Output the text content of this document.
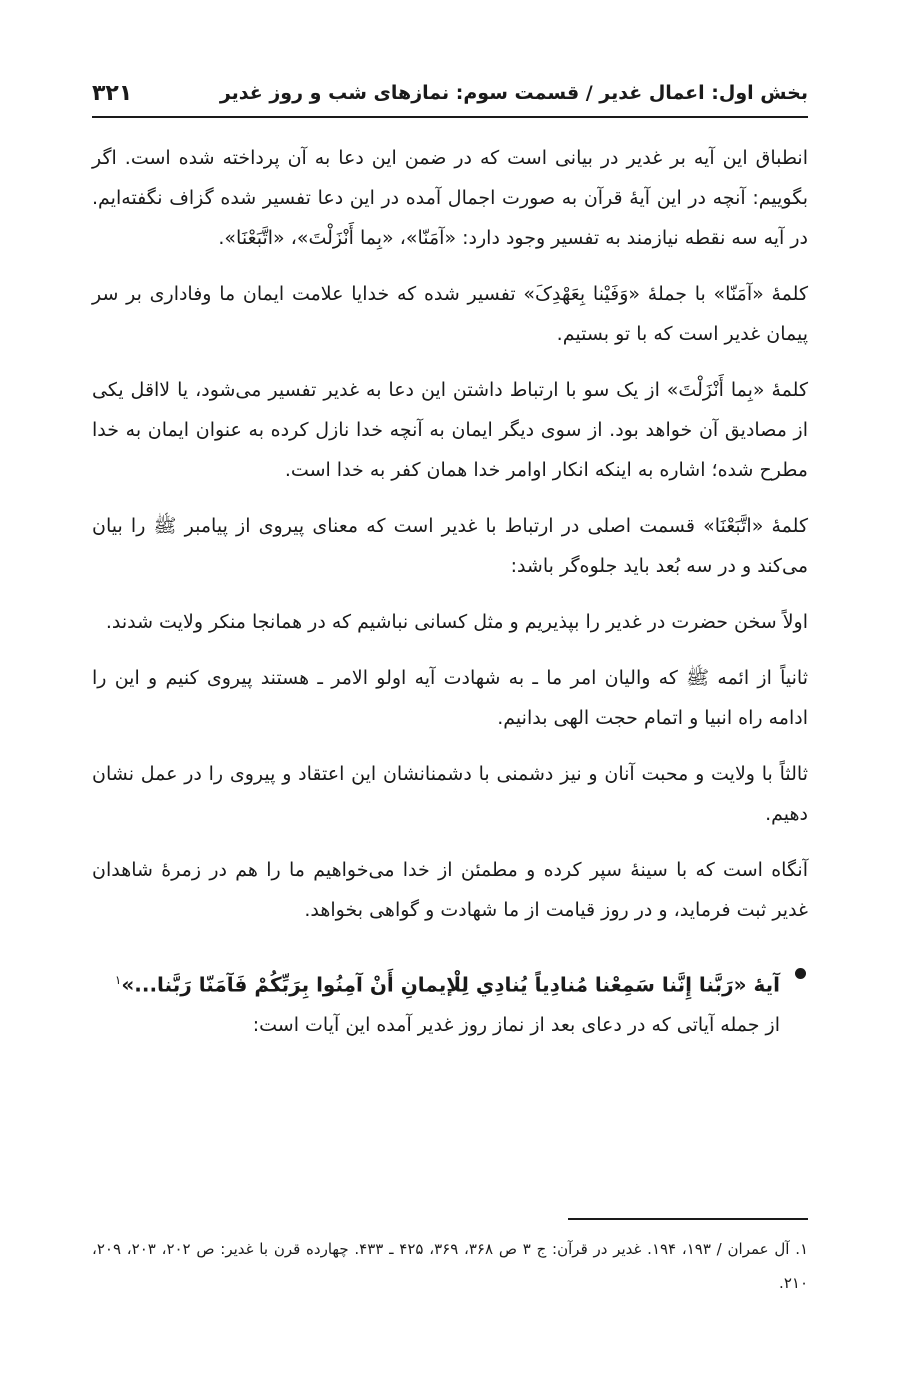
بخش اول: اعمال غدیر / قسمت سوم: نمازهای شب و روز غدیر
۳۲۱

انطباق این آیه بر غدیر در بیانی است که در ضمن این دعا به آن پرداخته شده است. اگر بگوییم: آنچه در این آیهٔ قرآن به صورت اجمال آمده در این دعا تفسیر شده گزاف نگفته‌ایم. در آیه سه نقطه نیازمند به تفسیر وجود دارد: «آمَنّا»، «بِما أَنْزَلْتَ»، «اتَّبَعْنَا».

کلمهٔ «آمَنّا» با جملهٔ «وَفَيْنا بِعَهْدِکَ» تفسیر شده که خدایا علامت ایمان ما وفاداری بر سر پیمان غدیر است که با تو بستیم.

کلمهٔ «بِما أَنْزَلْتَ» از یک سو با ارتباط داشتن این دعا به غدیر تفسیر می‌شود، یا لااقل یکی از مصادیق آن خواهد بود. از سوی دیگر ایمان به آنچه خدا نازل کرده به عنوان ایمان به خدا مطرح شده؛ اشاره به اینکه انکار اوامر خدا همان کفر به خدا است.

کلمهٔ «اتَّبَعْنَا» قسمت اصلی در ارتباط با غدیر است که معنای پیروی از پیامبر ﷺ را بیان می‌کند و در سه بُعد باید جلوه‌گر باشد:

اولاً سخن حضرت در غدیر را بپذیریم و مثل کسانی نباشیم که در همانجا منکر ولایت شدند.

ثانیاً از ائمه ﷺ که والیان امر ما ـ به شهادت آیه اولو الامر ـ هستند پیروی کنیم و این را ادامه راه انبیا و اتمام حجت الهی بدانیم.

ثالثاً با ولایت و محبت آنان و نیز دشمنی با دشمنانشان این اعتقاد و پیروی را در عمل نشان دهیم.

آنگاه است که با سینهٔ سپر کرده و مطمئن از خدا می‌خواهیم ما را هم در زمرهٔ شاهدان غدیر ثبت فرماید، و در روز قیامت از ما شهادت و گواهی بخواهد.

آیهٔ «رَبَّنا إِنَّنا سَمِعْنا مُنادِياً يُنادِي لِلْإيمانِ أَنْ آمِنُوا بِرَبِّكُمْ فَآمَنّا رَبَّنا...»$^۱$

از جمله آیاتی که در دعای بعد از نماز روز غدیر آمده این آیات است:

۱. آل عمران / ۱۹۳، ۱۹۴. غدیر در قرآن: ج ۳ ص ۳۶۸، ۳۶۹، ۴۲۵ ـ ۴۳۳. چهارده قرن با غدیر: ص ۲۰۲، ۲۰۳، ۲۰۹، ۲۱۰.
